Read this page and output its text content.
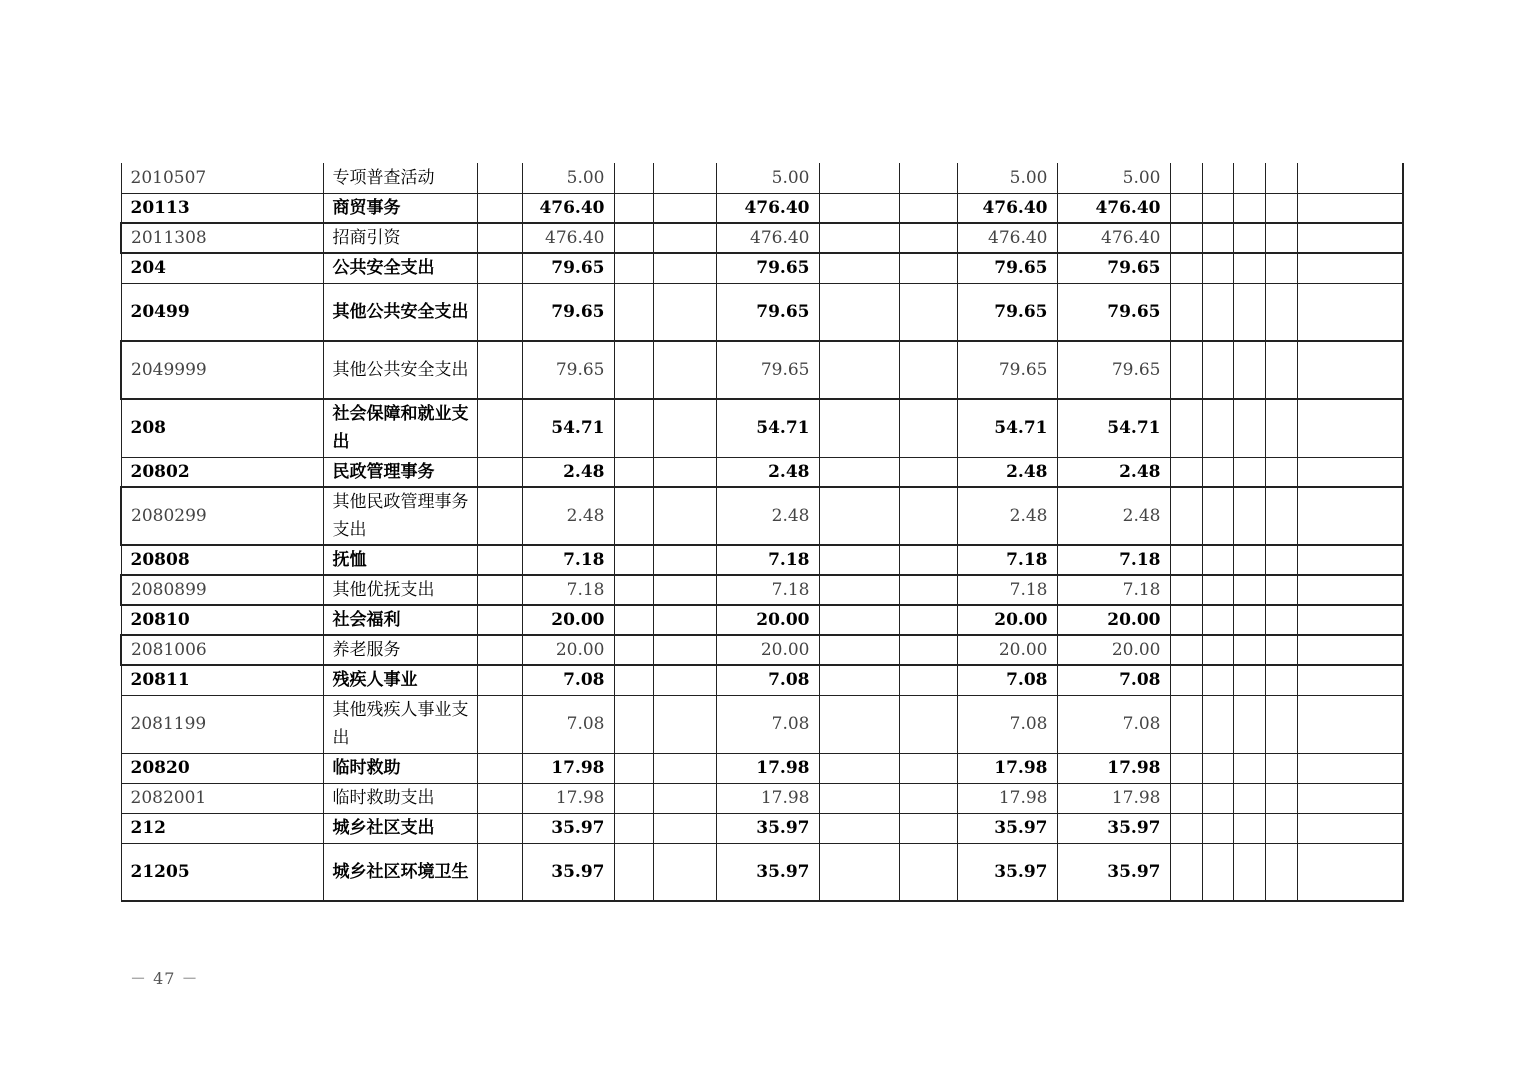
2010507	专项普查活动		5.00			5.00			5.00	5.00					
20113	商贸事务		476.40			476.40			476.40	476.40					
2011308	招商引资		476.40			476.40			476.40	476.40					
204	公共安全支出		79.65			79.65			79.65	79.65					
20499	其他公共安全支出		79.65			79.65			79.65	79.65					
2049999	其他公共安全支出		79.65			79.65			79.65	79.65					
208	社会保障和就业支出		54.71			54.71			54.71	54.71					
20802	民政管理事务		2.48			2.48			2.48	2.48					
2080299	其他民政管理事务支出		2.48			2.48			2.48	2.48					
20808	抚恤		7.18			7.18			7.18	7.18					
2080899	其他优抚支出		7.18			7.18			7.18	7.18					
20810	社会福利		20.00			20.00			20.00	20.00					
2081006	养老服务		20.00			20.00			20.00	20.00					
20811	残疾人事业		7.08			7.08			7.08	7.08					
2081199	其他残疾人事业支出		7.08			7.08			7.08	7.08					
20820	临时救助		17.98			17.98			17.98	17.98					
2082001	临时救助支出		17.98			17.98			17.98	17.98					
212	城乡社区支出		35.97			35.97			35.97	35.97					
21205	城乡社区环境卫生		35.97			35.97			35.97	35.97					
－ 47 －
